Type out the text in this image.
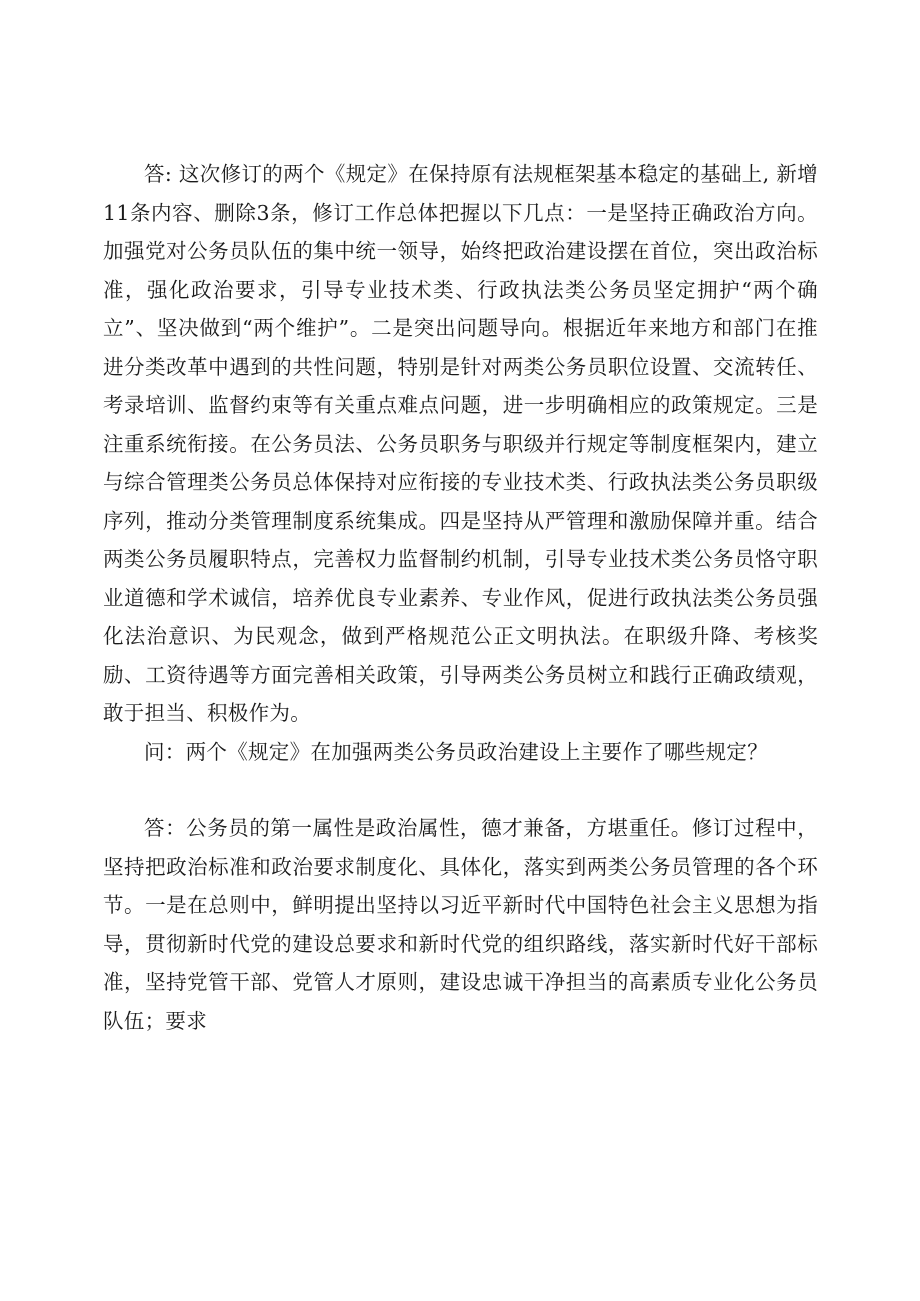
答: 这次修订的两个《规定》在保持原有法规框架基本稳定的基础上, 新增11条内容、删除3条，修订工作总体把握以下几点：一是坚持正确政治方向。加强党对公务员队伍的集中统一领导，始终把政治建设摆在首位，突出政治标准，强化政治要求，引导专业技术类、行政执法类公务员坚定拥护“两个确立”、坚决做到“两个维护”。二是突出问题导向。根据近年来地方和部门在推进分类改革中遇到的共性问题，特别是针对两类公务员职位设置、交流转任、考录培训、监督约束等有关重点难点问题，进一步明确相应的政策规定。三是注重系统衔接。在公务员法、公务员职务与职级并行规定等制度框架内，建立与综合管理类公务员总体保持对应衔接的专业技术类、行政执法类公务员职级序列，推动分类管理制度系统集成。四是坚持从严管理和激励保障并重。结合两类公务员履职特点，完善权力监督制约机制，引导专业技术类公务员恪守职业道德和学术诚信，培养优良专业素养、专业作风，促进行政执法类公务员强化法治意识、为民观念，做到严格规范公正文明执法。在职级升降、考核奖励、工资待遇等方面完善相关政策，引导两类公务员树立和践行正确政绩观，敢于担当、积极作为。

问：两个《规定》在加强两类公务员政治建设上主要作了哪些规定？

答：公务员的第一属性是政治属性，德才兼备，方堪重任。修订过程中，坚持把政治标准和政治要求制度化、具体化，落实到两类公务员管理的各个环节。一是在总则中，鲜明提出坚持以习近平新时代中国特色社会主义思想为指导，贯彻新时代党的建设总要求和新时代党的组织路线，落实新时代好干部标准，坚持党管干部、党管人才原则，建设忠诚干净担当的高素质专业化公务员队伍；要求
